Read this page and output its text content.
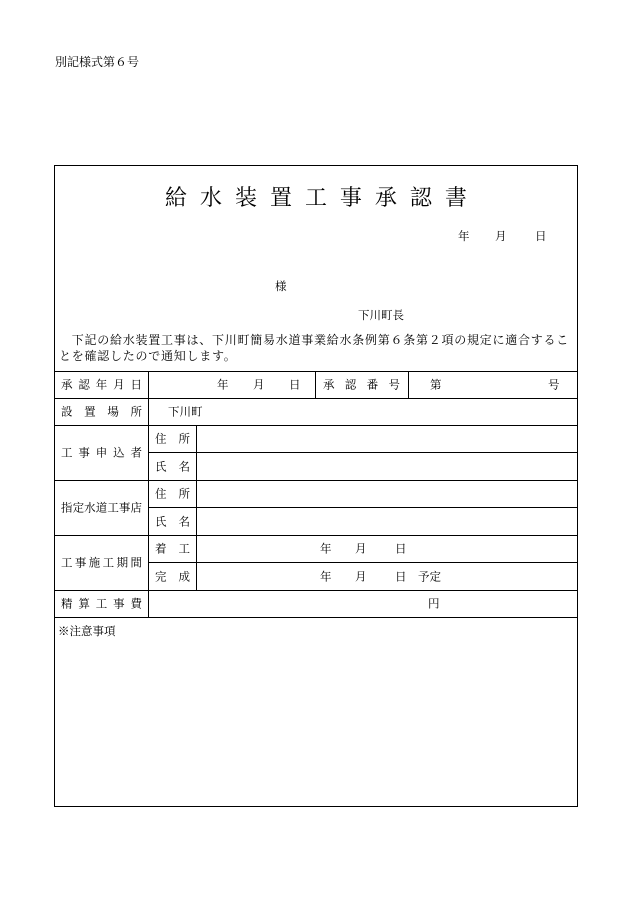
別記様式第６号
給 水 装 置 工 事 承 認 書
年 月 日
様
下川町長
　下記の給水装置工事は、下川町簡易水道事業給水条例第６条第２項の規定に適合するこ
とを確認したので通知します。
承 認 年 月 日	年 月 日 承 認 番 号	第	号
設 置 場 所 下川町
工 事 申 込 者
住 所
氏 名
指 定 水 道 工 事 店
住 所
氏 名
工 事 施 工 期 間
着 工	年 月 日
完 成	年 月 日 予定
精 算 工 事 費	円
※注意事項
